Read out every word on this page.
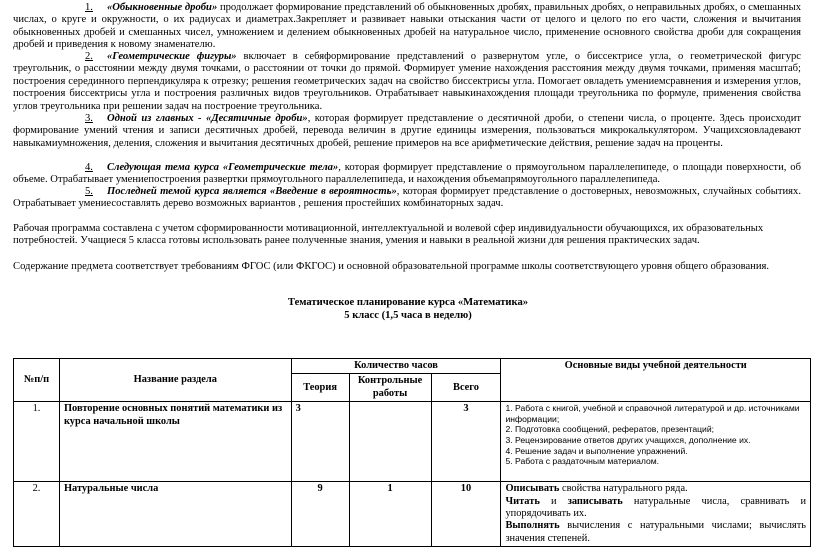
1. «Обыкновенные дроби» продолжает формирование представлений об обыкновенных дробях, правильных дробях, о неправильных дробях, о смешанных числах, о круге и окружности, о их радиусах и диаметрах.Закрепляет и развивает навыки отыскания части от целого и целого по его части, сложения и вычитания обыкновенных дробей и смешанных чисел, умножением и делением обыкновенных дробей на натуральное число, применение основного свойства дроби для сокращения дробей и приведения к новому знаменателю.
2. «Геометрические фигуры» включает в себяформирование представлений о развернутом угле, о биссектрисе угла, о геометрической фигурс треугольник, о расстоянии между двумя точками, о расстоянии от точки до прямой. Формирует умение нахождения расстояния между двумя точками, применяя масштаб; построения серединного перпендикуляра к отрезку; решения геометрических задач на свойство биссектрисы угла. Помогает овладеть умениемсравнения и измерения углов, построения биссектрисы угла и построения различных видов треугольников. Отрабатывает навыкинахождения площади треугольника по формуле, применения свойства углов треугольника при решении задач на построение треугольника.
3. Одной из главных - «Десятичные дроби», которая формирует представление о десятичной дроби, о степени числа, о проценте. Здесь происходит формирование умений чтения и записи десятичных дробей, перевода величин в другие единицы измерения, пользоваться микрокалькулятором. Учащихсяовладевают навыкамиумножения, деления, сложения и вычитания десятичных дробей, решение примеров на все арифметические действия, решение задач на проценты.
4. Следующая тема курса «Геометрические тела», которая формирует представление о прямоугольном параллелепипеде, о площади поверхности, об объеме. Отрабатывает умениепостроения развертки прямоугольного параллелепипеда, и нахождения объемапрямоугольного параллелепипеда.
5. Последней темой курса является «Введение в вероятность», которая формирует представление о достоверных, невозможных, случайных событиях. Отрабатывает умениесоставлять дерево возможных вариантов , решения простейших комбинаторных задач.
Рабочая программа составлена с учетом сформированности мотивационной, интеллектуальной и волевой сфер индивидуальности обучающихся, их образовательных потребностей. Учащиеся 5 класса готовы использовать ранее полученные знания, умения и навыки в реальной жизни для решения практических задач.
Содержание предмета соответствует требованиям ФГОС (или ФКГОС) и основной образовательной программе школы соответствующего уровня общего образования.
Тематическое планирование курса «Математика»
5 класс (1,5 часа в неделю)
№п/п	Название раздела	Количество часов			Основные виды учебной деятельности
		Теория	Контрольные работы	Всего	
1.	Повторение основных понятий математики из курса начальной школы	3		3	1. Работа с книгой, учебной и справочной литературой и др. источниками информации;
2. Подготовка сообщений, рефератов, презентаций;
3. Рецензирование ответов других учащихся, дополнение их.
4. Решение задач и выполнение упражнений.
5. Работа с раздаточным материалом.

2.	Натуральные числа	9	1	10	Описывать свойства натурального ряда.
Читать и записывать натуральные числа, сравнивать и упорядочивать их.
Выполнять вычисления с натуральными числами; вычислять значения степеней.
